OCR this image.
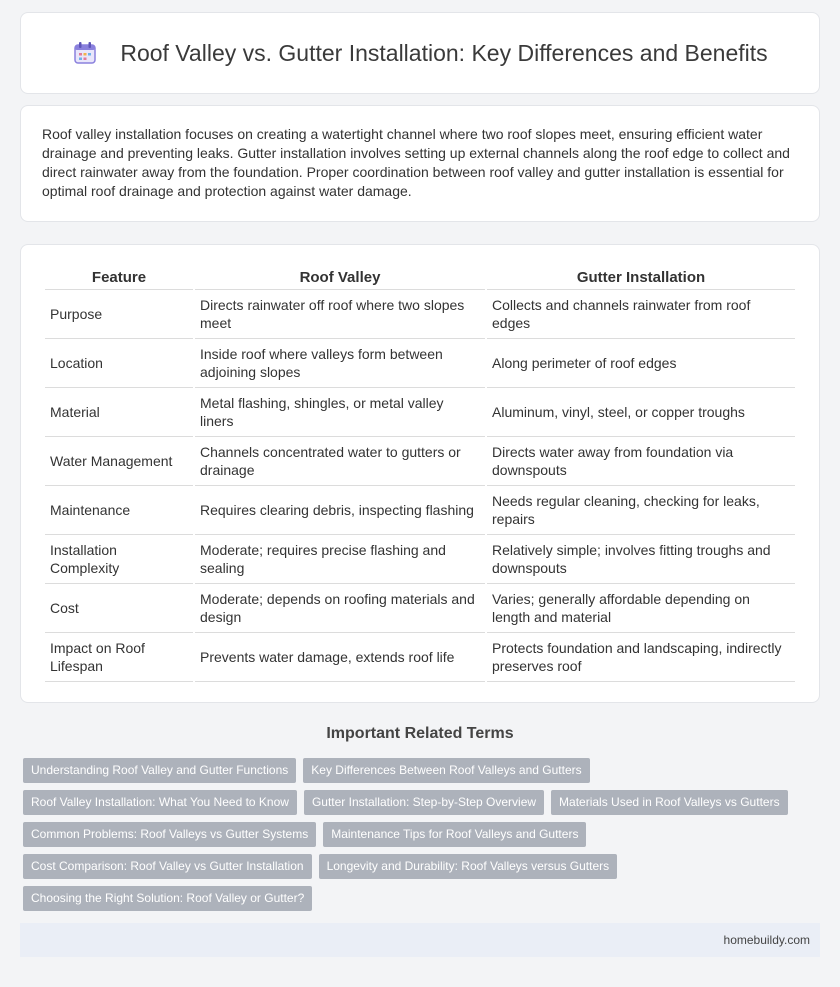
Roof Valley vs. Gutter Installation: Key Differences and Benefits

Roof valley installation focuses on creating a watertight channel where two roof slopes meet, ensuring efficient water drainage and preventing leaks. Gutter installation involves setting up external channels along the roof edge to collect and direct rainwater away from the foundation. Proper coordination between roof valley and gutter installation is essential for optimal roof drainage and protection against water damage.

Feature	Roof Valley	Gutter Installation
Purpose	Directs rainwater off roof where two slopes meet	Collects and channels rainwater from roof edges
Location	Inside roof where valleys form between adjoining slopes	Along perimeter of roof edges
Material	Metal flashing, shingles, or metal valley liners	Aluminum, vinyl, steel, or copper troughs
Water Management	Channels concentrated water to gutters or drainage	Directs water away from foundation via downspouts
Maintenance	Requires clearing debris, inspecting flashing	Needs regular cleaning, checking for leaks, repairs
Installation Complexity	Moderate; requires precise flashing and sealing	Relatively simple; involves fitting troughs and downspouts
Cost	Moderate; depends on roofing materials and design	Varies; generally affordable depending on length and material
Impact on Roof Lifespan	Prevents water damage, extends roof life	Protects foundation and landscaping, indirectly preserves roof
Important Related Terms
Understanding Roof Valley and Gutter Functions	Key Differences Between Roof Valleys and Gutters
Roof Valley Installation: What You Need to Know	Gutter Installation: Step-by-Step Overview	Materials Used in Roof Valleys vs Gutters
Common Problems: Roof Valleys vs Gutter Systems	Maintenance Tips for Roof Valleys and Gutters
Cost Comparison: Roof Valley vs Gutter Installation	Longevity and Durability: Roof Valleys versus Gutters
Choosing the Right Solution: Roof Valley or Gutter?
homebuildy.com
